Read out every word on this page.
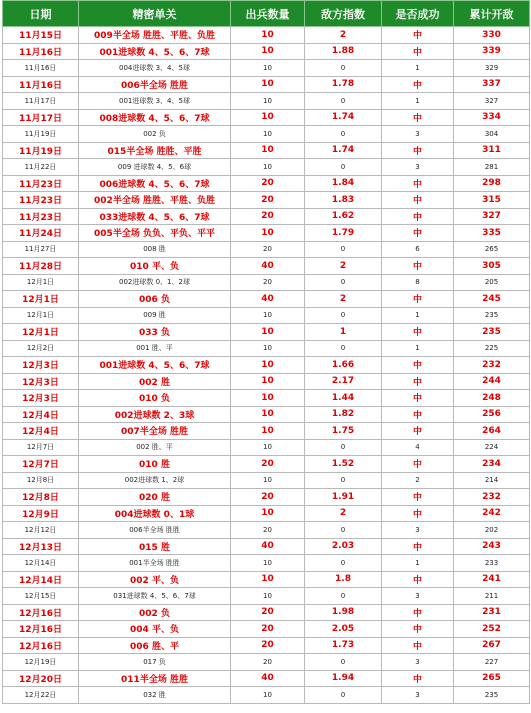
日期	精密单关	出兵数量	敌方指数	是否成功	累计开敌
11月15日	009半全场 胜胜、平胜、负胜	10	2	中	330
11月16日	001进球数 4、5、6、7球	10	1.88	中	339
11月16日	004进球数 3、4、5球	10	0	1	329
11月16日	006半全场 胜胜	10	1.78	中	337
11月17日	001进球数 3、4、5球	10	0	1	327
11月17日	008进球数 4、5、6、7球	10	1.74	中	334
11月19日	002 负	10	0	3	304
11月19日	015半全场 胜胜、平胜	10	1.74	中	311
11月22日	009 进球数 4、5、6球	10	0	3	281
11月23日	006进球数 4、5、6、7球	20	1.84	中	298
11月23日	002半全场 胜胜、平胜、负胜	20	1.83	中	315
11月23日	033进球数 4、5、6、7球	20	1.62	中	327
11月24日	005半全场 负负、平负、平平	10	1.79	中	335
11月27日	008 胜	20	0	6	265
11月28日	010 平、负	40	2	中	305
12月1日	002进球数 0、1、2球	20	0	8	205
12月1日	006 负	40	2	中	245
12月1日	009 胜	10	0	1	235
12月1日	033 负	10	1	中	235
12月2日	001 胜、平	10	0	1	225
12月3日	001进球数 4、5、6、7球	10	1.66	中	232
12月3日	002 胜	10	2.17	中	244
12月3日	010 负	10	1.44	中	248
12月4日	002进球数 2、3球	10	1.82	中	256
12月4日	007半全场 胜胜	10	1.75	中	264
12月7日	002 胜、平	10	0	4	224
12月7日	010 胜	20	1.52	中	234
12月8日	002进球数 1、2球	10	0	2	214
12月8日	020 胜	20	1.91	中	232
12月9日	004进球数 0、1球	10	2	中	242
12月12日	006半全场 胜胜	20	0	3	202
12月13日	015 胜	40	2.03	中	243
12月14日	001半全场 胜胜	10	0	1	233
12月14日	002 平、负	10	1.8	中	241
12月15日	031进球数 4、5、6、7球	10	0	3	211
12月16日	002 负	20	1.98	中	231
12月16日	004 平、负	20	2.05	中	252
12月16日	006 胜、平	20	1.73	中	267
12月19日	017 负	20	0	3	227
12月20日	011半全场 胜胜	40	1.94	中	265
12月22日	032 胜	10	0	3	235
